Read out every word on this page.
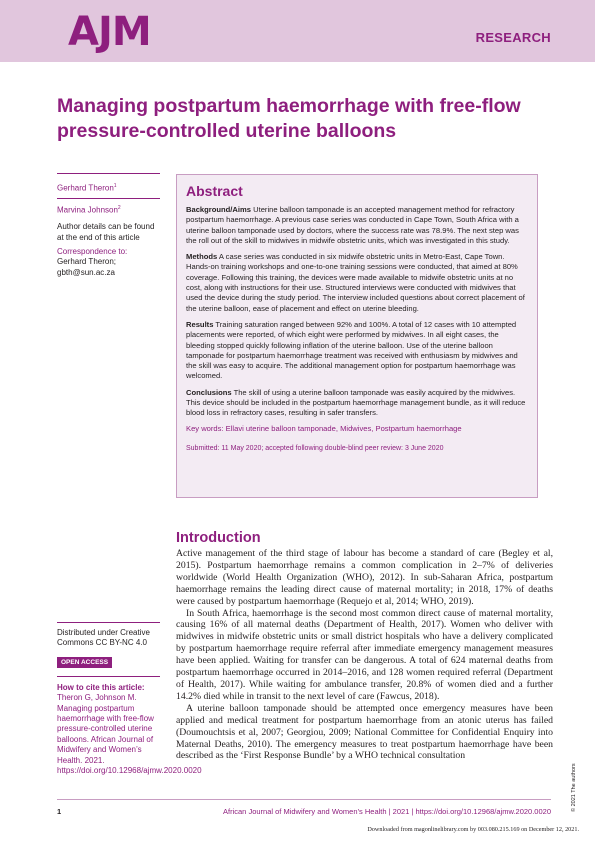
AJM	RESEARCH
Managing postpartum haemorrhage with free-flow pressure-controlled uterine balloons

Gerhard Theron$^1$

Marvina Johnson$^2$

Author details can be found at the end of this article

Correspondence to:

Gerhard Theron;

gbth@sun.ac.za

Abstract

Background/Aims Uterine balloon tamponade is an accepted management method for refractory postpartum haemorrhage. A previous case series was conducted in Cape Town, South Africa with a uterine balloon tamponade used by doctors, where the success rate was 78.9%. The next step was the roll out of the skill to midwives in midwife obstetric units, which was investigated in this study.

Methods A case series was conducted in six midwife obstetric units in Metro-East, Cape Town. Hands-on training workshops and one-to-one training sessions were conducted, that aimed at 80% coverage. Following this training, the devices were made available to midwife obstetric units at no cost, along with instructions for their use. Structured interviews were conducted with midwives that used the device during the study period. The interview included questions about correct placement of the uterine balloon, ease of placement and effect on uterine bleeding.

Results Training saturation ranged between 92% and 100%. A total of 12 cases with 10 attempted placements were reported, of which eight were performed by midwives. In all eight cases, the bleeding stopped quickly following inflation of the uterine balloon. Use of the uterine balloon tamponade for postpartum haemorrhage treatment was received with enthusiasm by midwives and the skill was easy to acquire. The additional management option for postpartum haemorrhage was welcomed.

Conclusions The skill of using a uterine balloon tamponade was easily acquired by the midwives. This device should be included in the postpartum haemorrhage management bundle, as it will reduce blood loss in refractory cases, resulting in safer transfers.

Key words: Ellavi uterine balloon tamponade, Midwives, Postpartum haemorrhage

Submitted: 11 May 2020; accepted following double-blind peer review: 3 June 2020

Introduction

Active management of the third stage of labour has become a standard of care (Begley et al, 2015). Postpartum haemorrhage remains a common complication in 2–7% of deliveries worldwide (World Health Organization (WHO), 2012). In sub-Saharan Africa, postpartum haemorrhage remains the leading direct cause of maternal mortality; in 2018, 17% of deaths were caused by postpartum haemorrhage (Requejo et al, 2014; WHO, 2019).

In South Africa, haemorrhage is the second most common direct cause of maternal mortality, causing 16% of all maternal deaths (Department of Health, 2017). Women who deliver with midwives in midwife obstetric units or small district hospitals who have a delivery complicated by postpartum haemorrhage require referral after immediate emergency management measures have been applied. Waiting for transfer can be dangerous. A total of 624 maternal deaths from postpartum haemorrhage occurred in 2014–2016, and 128 women required referral (Department of Health, 2017). While waiting for ambulance transfer, 20.8% of women died and a further 14.2% died while in transit to the next level of care (Fawcus, 2018).

A uterine balloon tamponade should be attempted once emergency measures have been applied and medical treatment for postpartum haemorrhage from an atonic uterus has failed (Doumouchtsis et al, 2007; Georgiou, 2009; National Committee for Confidential Enquiry into Maternal Deaths, 2010). The emergency measures to treat postpartum haemorrhage have been described as the ‘First Response Bundle’ by a WHO technical consultation

Distributed under Creative Commons CC BY-NC 4.0

OPEN ACCESS

How to cite this article:

Theron G, Johnson M. Managing postpartum haemorrhage with free-flow pressure-controlled uterine balloons. African Journal of Midwifery and Women’s Health. 2021. https://doi.org/10.12968/ajmw.2020.0020	© 2021 The authors
1	African Journal of Midwifery and Women’s Health | 2021 | https://doi.org/10.12968/ajmw.2020.0020
Downloaded from magonlinelibrary.com by 003.080.215.169 on December 12, 2021.
